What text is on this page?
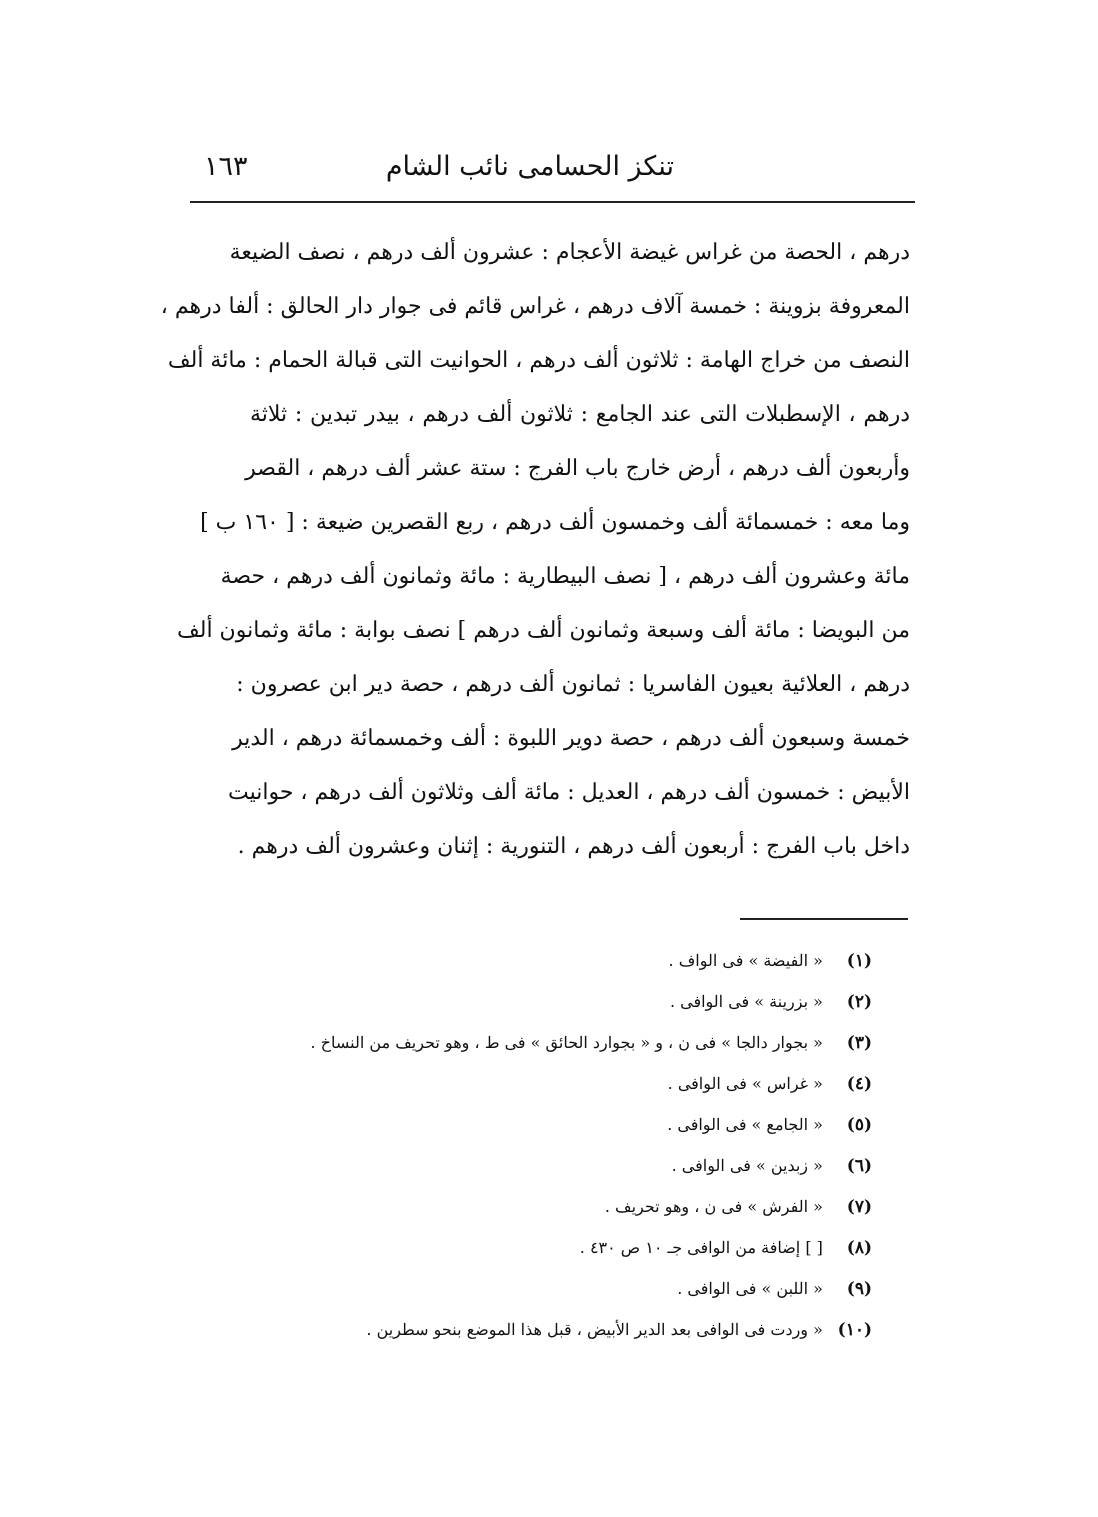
تنكز الحسامى نائب الشام
١٦٣
درهم ، الحصة من غراس غيضة الأعجام : عشرون ألف درهم ، نصف الضيعة
المعروفة بزوينة : خمسة آلاف درهم ، غراس قائم فى جوار دار الحالق : ألفا درهم ،
النصف من خراج الهامة : ثلاثون ألف درهم ، الحوانيت التى قبالة الحمام : مائة ألف
درهم ، الإسطبلات التى عند الجامع : ثلاثون ألف درهم ، بيدر تبدين : ثلاثة
وأربعون ألف درهم ، أرض خارج باب الفرج : ستة عشر ألف درهم ، القصر
وما معه : خمسمائة ألف وخمسون ألف درهم ، ربع القصرين ضيعة : [ ١٦٠ ب ]
مائة وعشرون ألف درهم ، [ نصف البيطارية : مائة وثمانون ألف درهم ، حصة
من البويضا : مائة ألف وسبعة وثمانون ألف درهم ] نصف بوابة : مائة وثمانون ألف
درهم ، العلائية بعيون الفاسريا : ثمانون ألف درهم ، حصة دير ابن عصرون :
خمسة وسبعون ألف درهم ، حصة دوير اللبوة : ألف وخمسمائة درهم ، الدير
الأبيض : خمسون ألف درهم ، العديل : مائة ألف وثلاثون ألف درهم ، حوانيت
داخل باب الفرج : أربعون ألف درهم ، التنورية : إثنان وعشرون ألف درهم .
(١) « الفيضة » فى الواف .
(٢) « بزرينة » فى الوافى .
(٣) « بجوار دالجا » فى ن ، و « بجوارد الحائق » فى ط ، وهو تحريف من النساخ .
(٤) « غراس » فى الوافى .
(٥) « الجامع » فى الوافى .
(٦) « زبدين » فى الوافى .
(٧) « الفرش » فى ن ، وهو تحريف .
(٨) [ ] إضافة من الوافى جـ ١٠ ص ٤٣٠ .
(٩) « اللبن » فى الوافى .
(١٠) « وردت فى الوافى بعد الدير الأبيض ، قبل هذا الموضع بنحو سطرين .
